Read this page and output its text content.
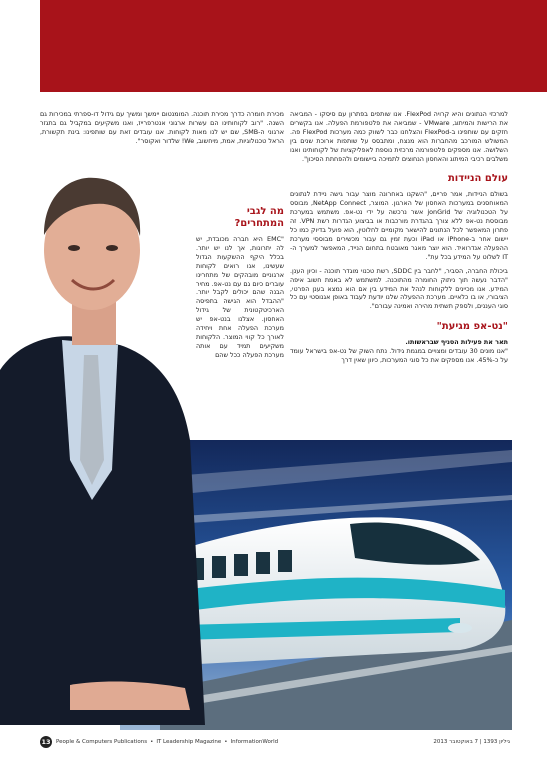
למרכזי הנתונים והיא קרויה FlexPod. אנו שותפים בפתרון עם סיסקו - המביאה את הרישות והמיתוג, VMware - שמביאה את פלטפורמת הפעלה. אנו בקשרים חזקים עם שותפינו ב-FlexPod והצלחנו כבר לשווק כמה מערכות FlexPod פה. המשולש המורכב מהחברות הוא מנצח, ומתבסס על שותפות ארוכת שנים בין השלושה. אנו מספקים פלטפורמה מרכזית נוספת לאפליקציות של לקוחותינו ואנו משלבים רכיבי המיתוג והאחסון הנחוצים לתמיכה ביישומים ולהפחתת הסיכון".

עולם הניידות

בשולם הניידות, אמר פריים, "השקנו באחרונה מוצר עבור גישה ניידת לנתונים המאוחסנים במערכות האחסון של הארגון. המוצר, NetApp Connect, מבוסס על הטכנולוגיה של jonGrid אשר נרכשה על ידי נט-אפ. משתמש במערכת מבוססת נט-אפ ללא צורך בהגדרת מורכבות או בביצוע הגדרות רשת VPN. זה פתרון המאפשר לכל הנתונים להישאר מקומיים לחלוטין, הוא פועל בדיוק כמו כל יישום אחר ב-iPhone או iPad וכעת זמין גם עבור מכשירים מבוססי מערכת ההפעלה אנדרואיד. הוא יוצר מאגר מאובטח בתחום הנייד, המאפשר למערך ה-IT לשלוט על המידע בכל עת".

ביכולת החברה, הסביר, "לחבר בין SDDC, רשת טכנוי מוגדר תוכנה - וכיון הענן. "הדבר נעשה תוך ניתוק החומרה מהתוכנה. למשתמש לא באמת חשוב איפה המידע. אנו מכיינים ללקוחות לנהל את המידע בין אם הוא נמצא בענן הפרטי, הציבורי, או בו כלאיים. מערכת ההפעלה שלנו יודעת לעבוד באופן אגנוסטי עם כל סוגי העננים, ולספק תשתית מהירה ואמינה עבורם".

"נט-אפ מגיעת"

תאר את פעילות הסניף שבראשותו.

"אנו מונים 30 עובדים ומצויים במגמת גידול. נתח השוק של נט-אפ בישראל עומד על כ-45%. אנו מספקים את כל סוגי המערכות, כיוון שאין דרך

מכירת חומרה כדרך מכירת תוכנה. המומנטום יימשך ומשיך עם גידול דו-ספרתי במכירות גם השנה. "רוב לקוחותינו הם עשרות ארגוני אנטרפרייז, ואנו משקיעים במקביל גם בתגזר ארגוני ה-SMB, שם יש לנו מאות לקוחות. אנו עובדים זאת עם שותפינו: בינת תקשורת, הראל טכנולוגיות, אמת, מיחשוב, We! שלדור ואקוסר".

מה לגבי המתחרים?

"EMC היא חברה מכובדת, יש לה יתרונות, אך לנו יש יותר. בכלל היקף ההשקעות הגדול שעשינו, אנו רואים לקוחות ארגוניים מובהקים של מתחרינו עוברים כיום גם עם נט-אפ. מחיר הבנה שהם יכולים לקבל יותר. "ההבדל הוא הגישה בתפיסה הארכיטקטונית של גידול האחסון. אצלנו בנט-אפ יש מערכת הפעלה אחת ויחידה לאורך כל קווי המוצר. הלקוחות משקיעים תמיד עם אותה מערכת הפעלה ככל שהם

13 People & Computers Publications • IT Leadership Magazine • InformationWorld	גיליון 1393 | 7 באוקטובר 2013
